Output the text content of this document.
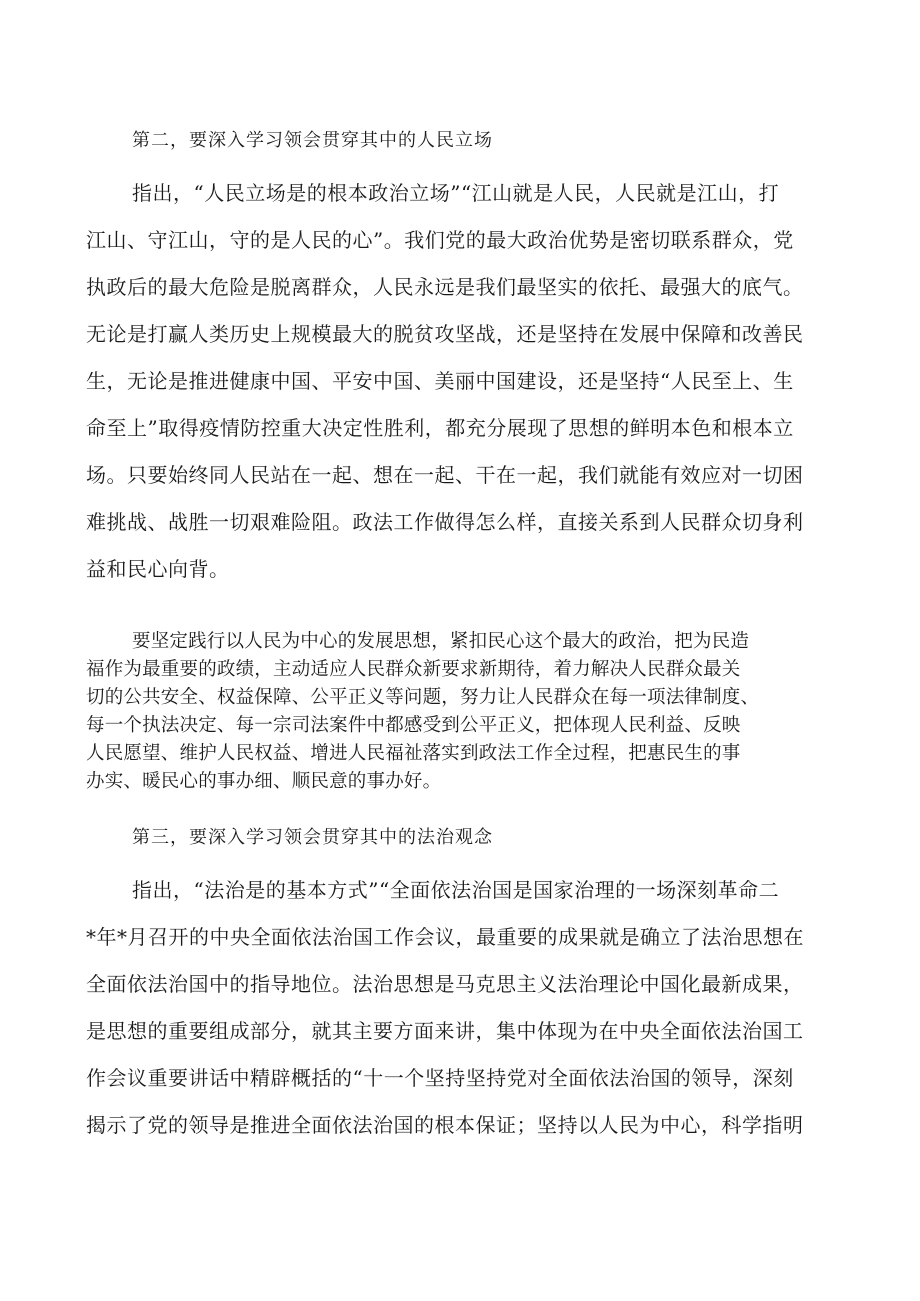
第二，要深入学习领会贯穿其中的人民立场
指出，“人民立场是的根本政治立场”“江山就是人民，人民就是江山，打
江山、守江山，守的是人民的心”。我们党的最大政治优势是密切联系群众，党
执政后的最大危险是脱离群众，人民永远是我们最坚实的依托、最强大的底气。
无论是打赢人类历史上规模最大的脱贫攻坚战，还是坚持在发展中保障和改善民
生，无论是推进健康中国、平安中国、美丽中国建设，还是坚持“人民至上、生
命至上”取得疫情防控重大决定性胜利，都充分展现了思想的鲜明本色和根本立
场。只要始终同人民站在一起、想在一起、干在一起，我们就能有效应对一切困
难挑战、战胜一切艰难险阻。政法工作做得怎么样，直接关系到人民群众切身利
益和民心向背。
要坚定践行以人民为中心的发展思想，紧扣民心这个最大的政治，把为民造
福作为最重要的政绩，主动适应人民群众新要求新期待，着力解决人民群众最关
切的公共安全、权益保障、公平正义等问题，努力让人民群众在每一项法律制度、
每一个执法决定、每一宗司法案件中都感受到公平正义，把体现人民利益、反映
人民愿望、维护人民权益、增进人民福祉落实到政法工作全过程，把惠民生的事
办实、暖民心的事办细、顺民意的事办好。
第三，要深入学习领会贯穿其中的法治观念
指出，“法治是的基本方式”“全面依法治国是国家治理的一场深刻革命二
*年*月召开的中央全面依法治国工作会议，最重要的成果就是确立了法治思想在
全面依法治国中的指导地位。法治思想是马克思主义法治理论中国化最新成果，
是思想的重要组成部分，就其主要方面来讲，集中体现为在中央全面依法治国工
作会议重要讲话中精辟概括的“十一个坚持坚持党对全面依法治国的领导，深刻
揭示了党的领导是推进全面依法治国的根本保证；坚持以人民为中心，科学指明
